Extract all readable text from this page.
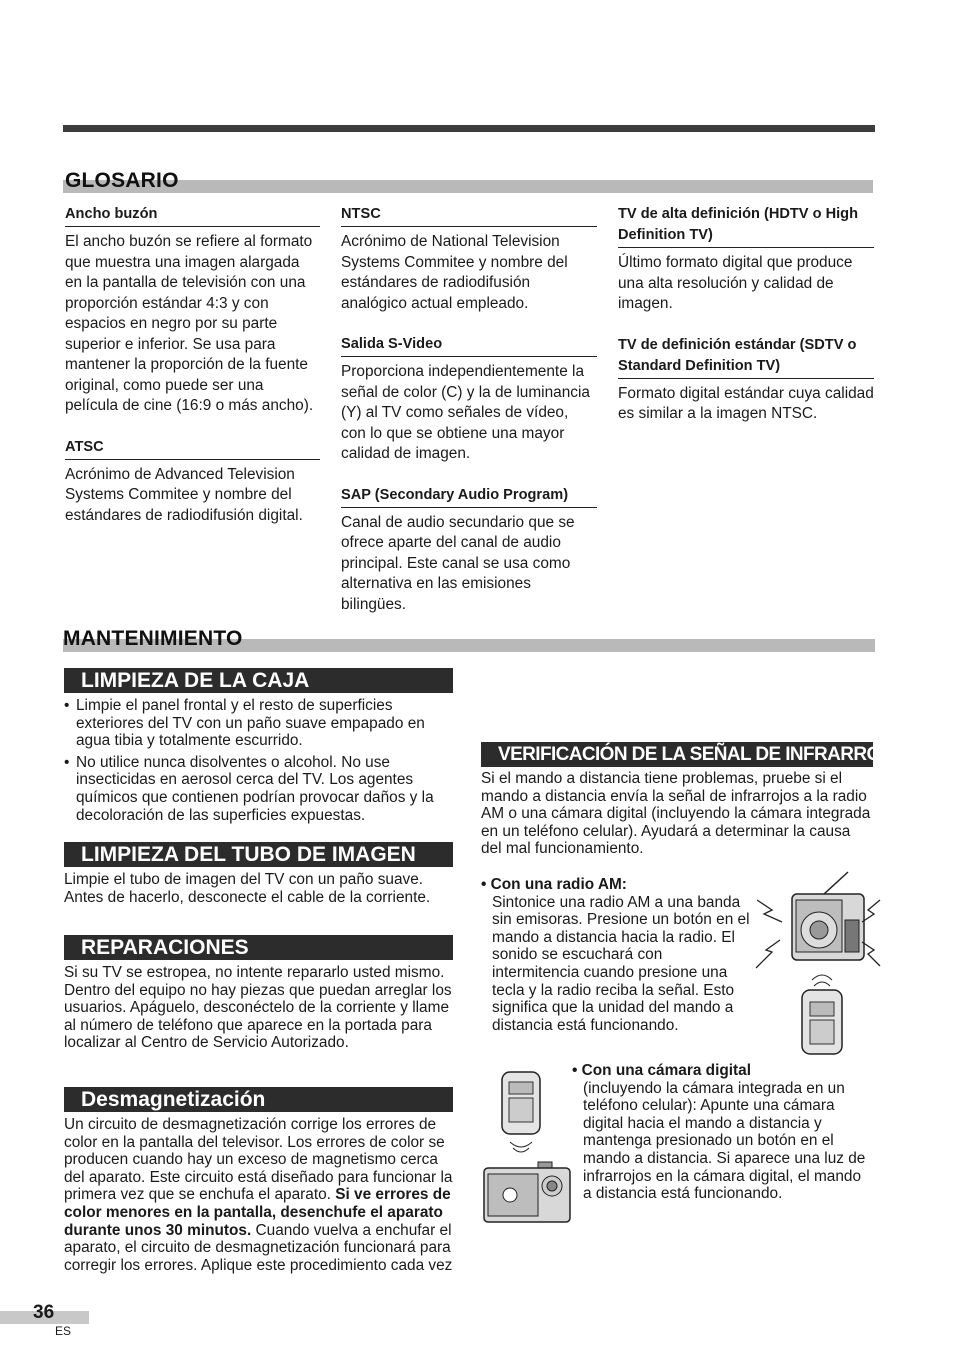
GLOSARIO
Ancho buzón

El ancho buzón se refiere al formato que muestra una imagen alargada en la pantalla de televisión con una proporción estándar 4:3 y con espacios en negro por su parte superior e inferior. Se usa para mantener la proporción de la fuente original, como puede ser una película de cine (16:9 o más ancho).

ATSC

Acrónimo de Advanced Television Systems Commitee y nombre del estándares de radiodifusión digital.

NTSC

Acrónimo de National Television Systems Commitee y nombre del estándares de radiodifusión analógico actual empleado.

Salida S-Video

Proporciona independientemente la señal de color (C) y la de luminancia (Y) al TV como señales de vídeo, con lo que se obtiene una mayor calidad de imagen.

SAP (Secondary Audio Program)

Canal de audio secundario que se ofrece aparte del canal de audio principal. Este canal se usa como alternativa en las emisiones bilingües.

TV de alta definición (HDTV o High Definition TV)

Último formato digital que produce una alta resolución y calidad de imagen.

TV de definición estándar (SDTV o Standard Definition TV)

Formato digital estándar cuya calidad es similar a la imagen NTSC.

MANTENIMIENTO
LIMPIEZA DE LA CAJA
• Limpie el panel frontal y el resto de superficies exteriores del TV con un paño suave empapado en agua tibia y totalmente escurrido.
• No utilice nunca disolventes o alcohol. No use insecticidas en aerosol cerca del TV. Los agentes químicos que contienen podrían provocar daños y la decoloración de las superficies expuestas.
LIMPIEZA DEL TUBO DE IMAGEN
Limpie el tubo de imagen del TV con un paño suave. Antes de hacerlo, desconecte el cable de la corriente.
REPARACIONES
Si su TV se estropea, no intente repararlo usted mismo. Dentro del equipo no hay piezas que puedan arreglar los usuarios. Apáguelo, desconéctelo de la corriente y llame al número de teléfono que aparece en la portada para localizar al Centro de Servicio Autorizado.
Desmagnetización
Un circuito de desmagnetización corrige los errores de color en la pantalla del televisor. Los errores de color se producen cuando hay un exceso de magnetismo cerca del aparato. Este circuito está diseñado para funcionar la primera vez que se enchufa el aparato. Si ve errores de color menores en la pantalla, desenchufe el aparato durante unos 30 minutos. Cuando vuelva a enchufar el aparato, el circuito de desmagnetización funcionará para corregir los errores. Aplique este procedimiento cada vez
VERIFICACIÓN DE LA SEÑAL DE INFRARROJOS
Si el mando a distancia tiene problemas, pruebe si el mando a distancia envía la señal de infrarrojos a la radio AM o una cámara digital (incluyendo la cámara integrada en un teléfono celular). Ayudará a determinar la causa del mal funcionamiento.
• Con una radio AM:

Sintonice una radio AM a una banda sin emisoras. Presione un botón en el mando a distancia hacia la radio. El sonido se escuchará con intermitencia cuando presione una tecla y la radio reciba la señal. Esto significa que la unidad del mando a distancia está funcionando.
• Con una cámara digital

(incluyendo la cámara integrada en un teléfono celular): Apunte una cámara digital hacia el mando a distancia y mantenga presionado un botón en el mando a distancia. Si aparece una luz de infrarrojos en la cámara digital, el mando a distancia está funcionando.
36
ES
